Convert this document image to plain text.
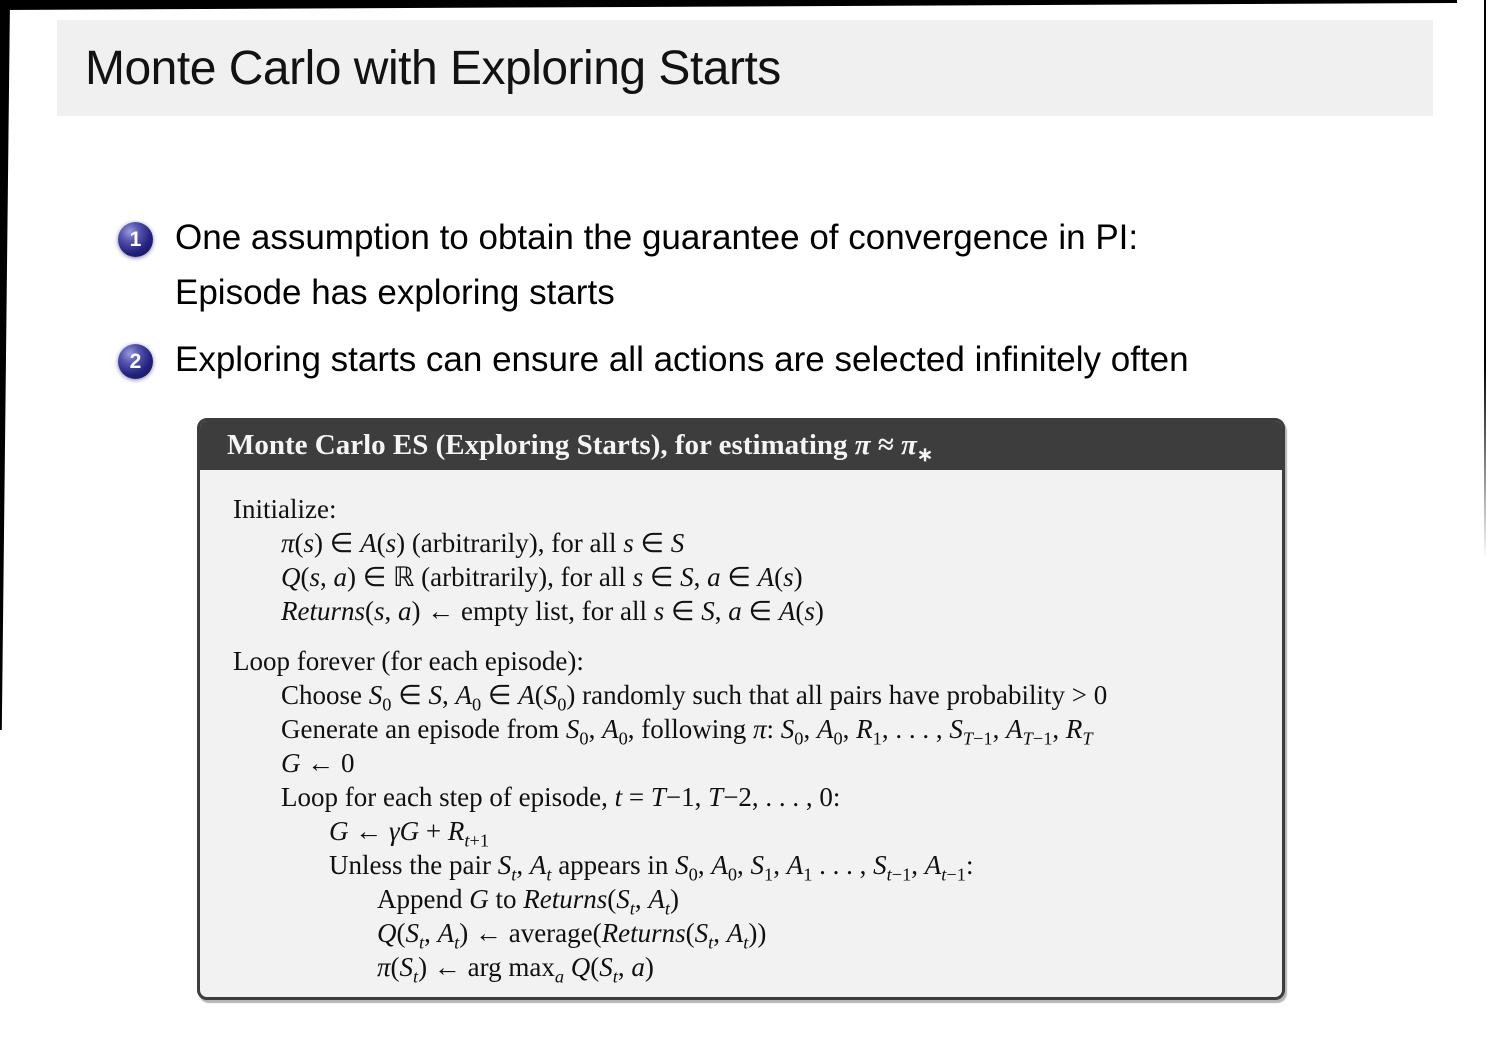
Monte Carlo with Exploring Starts
1 One assumption to obtain the guarantee of convergence in PI:
Episode has exploring starts
2 Exploring starts can ensure all actions are selected infinitely often
Monte Carlo ES (Exploring Starts), for estimating $\pi \approx \pi_∗$
Initialize:
π(s) ∈ A(s) (arbitrarily), for all s ∈ S
Q(s, a) ∈ ℝ (arbitrarily), for all s ∈ S, a ∈ A(s)
Returns(s, a) ← empty list, for all s ∈ S, a ∈ A(s)
Loop forever (for each episode):
Choose $S_0$ ∈ S, $A_0$ ∈ $A(S_0)$ randomly such that all pairs have probability > 0
Generate an episode from $S_0$, $A_0$, following π: $S_0$, $A_0$, $R_1$, . . . , $S_{T-1}$, $A_{T-1}$, $R_T$
G ← 0
Loop for each step of episode, t = T−1, T−2, . . . , 0:
G ← $\gamma G + R_{t+1}$
Unless the pair $S_t$, $A_t$ appears in $S_0$, $A_0$, $S_1$, $A_1$ . . . , $S_{t-1}$, $A_{t-1}$:
Append G to $Returns(S_t$, $A_t$)
$Q(S_t$, $A_t$) ← $average(Returns(S_t$, $A_t$))
$\pi(S_t)$ ← arg $\max_a Q(S_t$, a)
